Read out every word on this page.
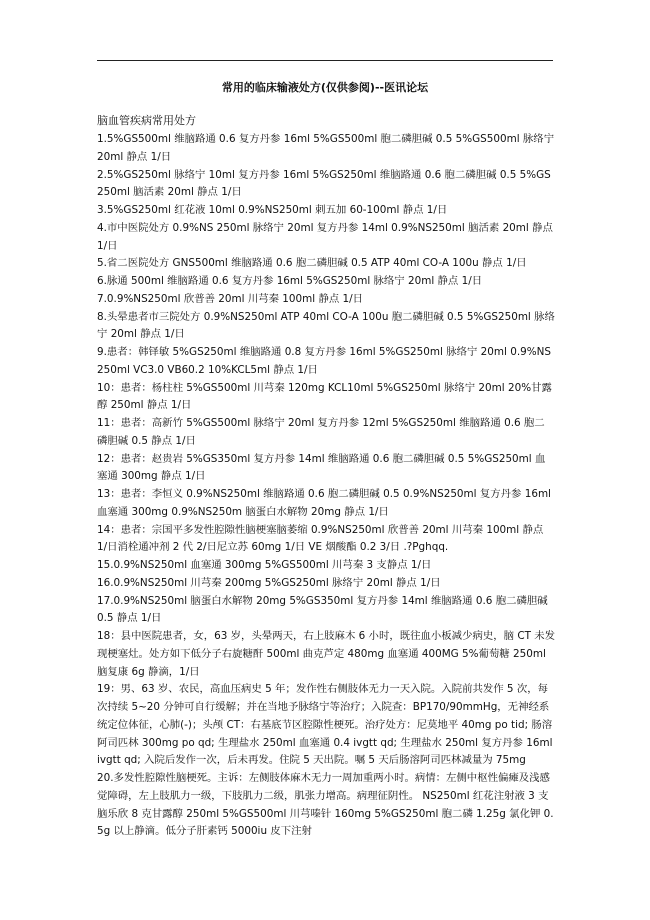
常用的临床输液处方(仅供参阅)--医讯论坛
脑血管疾病常用处方

1.5%GS500ml 维脑路通 0.6 复方丹参 16ml 5%GS500ml 胞二磷胆碱 0.5 5%GS500ml 脉络宁 20ml 静点 1/日

2.5%GS250ml 脉络宁 10ml 复方丹参 16ml 5%GS250ml 维脑路通 0.6 胞二磷胆碱 0.5 5%GS250ml 脑活素 20ml 静点 1/日

3.5%GS250ml 红花液 10ml 0.9%NS250ml 刺五加 60-100ml 静点 1/日

4.市中医院处方 0.9%NS 250ml 脉络宁 20ml 复方丹参 14ml 0.9%NS250ml 脑活素 20ml 静点 1/日

5.省二医院处方 GNS500ml 维脑路通 0.6 胞二磷胆碱 0.5 ATP 40ml CO-A 100u 静点 1/日

6.脉通 500ml 维脑路通 0.6 复方丹参 16ml 5%GS250ml 脉络宁 20ml 静点 1/日

7.0.9%NS250ml 欣普善 20ml 川芎秦 100ml 静点 1/日

8.头晕患者市三院处方 0.9%NS250ml ATP 40ml CO-A 100u 胞二磷胆碱 0.5 5%GS250ml 脉络宁 20ml 静点 1/日

9.患者：韩铎敏 5%GS250ml 维脑路通 0.8 复方丹参 16ml 5%GS250ml 脉络宁 20ml 0.9%NS250ml VC3.0 VB60.2 10%KCL5ml 静点 1/日

10：患者：杨柱柱 5%GS500ml 川芎秦 120mg KCL10ml 5%GS250ml 脉络宁 20ml 20%甘露醇 250ml 静点 1/日

11：患者：高新竹 5%GS500ml 脉络宁 20ml 复方丹参 12ml 5%GS250ml 维脑路通 0.6 胞二磷胆碱 0.5 静点 1/日

12：患者：赵贵岩 5%GS350ml 复方丹参 14ml 维脑路通 0.6 胞二磷胆碱 0.5 5%GS250ml 血塞通 300mg 静点 1/日

13：患者：李恒义 0.9%NS250ml 维脑路通 0.6 胞二磷胆碱 0.5 0.9%NS250ml 复方丹参 16ml 血塞通 300mg 0.9%NS250m 脑蛋白水解物 20mg 静点 1/日

14：患者：宗国平多发性腔隙性脑梗塞脑萎缩 0.9%NS250ml 欣普善 20ml 川芎秦 100ml 静点 1/日消栓通冲剂 2 代 2/日尼立苏 60mg 1/日 VE 烟酸酯 0.2 3/日 .?Pghqq.

15.0.9%NS250ml 血塞通 300mg 5%GS500ml 川芎秦 3 支静点 1/日

16.0.9%NS250ml 川芎秦 200mg 5%GS250ml 脉络宁 20ml 静点 1/日

17.0.9%NS250ml 脑蛋白水解物 20mg 5%GS350ml 复方丹参 14ml 维脑路通 0.6 胞二磷胆碱 0.5 静点 1/日

18：县中医院患者，女，63 岁，头晕两天，右上肢麻木 6 小时，既往血小板减少病史，脑 CT 未发现梗塞灶。处方如下低分子右旋糖酐 500ml 曲克芦定 480mg 血塞通 400MG 5%葡萄糖 250ml 脑复康 6g 静滴，1/日

19：男、63 岁、农民，高血压病史 5 年；发作性右侧肢体无力一天入院。入院前共发作 5 次，每次持续 5~20 分钟可自行缓解；并在当地予脉络宁等治疗；入院查：BP170/90mmHg，无神经系统定位体征，心肺(-)；头颅 CT：右基底节区腔隙性梗死。治疗处方：尼莫地平 40mg po tid; 肠溶阿司匹林 300mg po qd; 生理盐水 250ml 血塞通 0.4 ivgtt qd; 生理盐水 250ml 复方丹参 16ml ivgtt qd; 入院后发作一次，后未再发。住院 5 天出院。嘱 5 天后肠溶阿司匹林减量为 75mg

20.多发性腔隙性脑梗死。主诉：左侧肢体麻木无力一周加重两小时。病情：左侧中枢性偏瘫及浅感觉障碍，左上肢肌力一级，下肢肌力二级，肌张力增高。病理征阴性。 NS250ml 红花注射液 3 支脑乐欣 8 克甘露醇 250ml 5%GS500ml 川芎嗪针 160mg 5%GS250ml 胞二磷 1.25g 氯化钾 0.5g 以上静滴。低分子肝素钙 5000iu 皮下注射
